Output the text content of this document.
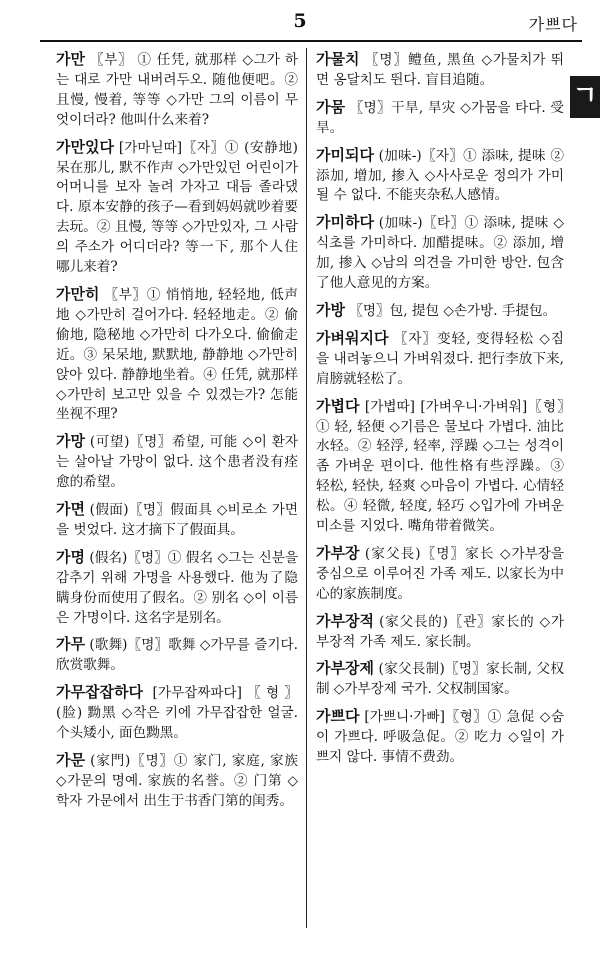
5	가쁘다
ㄱ

가만 〖부〗 ① 任凭, 就那样 ◇그가 하는 대로 가만 내버려두오. 随他便吧。② 且慢, 慢着, 等等 ◇가만 그의 이름이 무엇이더라? 他叫什么来着?

가만있다 [가마닏따]〖자〗① (安静地) 呆在那儿, 默不作声 ◇가만있던 어린이가 어머니를 보자 놀려 가자고 대듬 졸라댔다. 原本安静的孩子—看到妈妈就吵着要去玩。② 且慢, 等等 ◇가만있자, 그 사람의 주소가 어디더라? 等一下, 那个人住哪儿来着?

가만히 〖부〗① 悄悄地, 轻轻地, 低声地 ◇가만히 걸어가다. 轻轻地走。② 偷偷地, 隐秘地 ◇가만히 다가오다. 偷偷走近。③ 呆呆地, 默默地, 静静地 ◇가만히 앉아 있다. 静静地坐着。④ 任凭, 就那样 ◇가만히 보고만 있을 수 있겠는가? 怎能坐视不理?

가망 (可望)〖명〗希望, 可能 ◇이 환자는 살아날 가망이 없다. 这个患者没有痊愈的希望。

가면 (假面)〖명〗假面具 ◇비로소 가면을 벗었다. 这才摘下了假面具。

가명 (假名)〖명〗① 假名 ◇그는 신분을 감추기 위해 가명을 사용했다. 他为了隐瞒身份而使用了假名。② 别名 ◇이 이름은 가명이다. 这名字是别名。

가무 (歌舞)〖명〗歌舞 ◇가무를 즐기다. 欣赏歌舞。

가무잡잡하다 [가무잡짜파다]〖형〗(脸) 黝黑 ◇작은 키에 가무잡잡한 얼굴. 个头矮小, 面色黝黑。

가문 (家門)〖명〗① 家门, 家庭, 家族 ◇가문의 명예. 家族的名誉。② 门第 ◇학자 가문에서 出生于书香门第的闺秀。

가물치 〖명〗鳢鱼, 黑鱼 ◇가물치가 뛰면 옹달치도 뛴다. 盲目追随。

가뭄 〖명〗干旱, 旱灾 ◇가뭄을 타다. 受旱。

가미되다 (加味-)〖자〗① 添味, 提味 ② 添加, 增加, 掺入 ◇사사로운 정의가 가미될 수 없다. 不能夹杂私人感情。

가미하다 (加味-)〖타〗① 添味, 提味 ◇식초를 가미하다. 加醋提味。② 添加, 增加, 掺入 ◇남의 의견을 가미한 방안. 包含了他人意见的方案。

가방 〖명〗包, 提包 ◇손가방. 手提包。

가벼워지다 〖자〗变轻, 变得轻松 ◇짐을 내려놓으니 가벼워졌다. 把行李放下来, 肩膀就轻松了。

가볍다 [가볍따] [가벼우니·가벼워]〖형〗① 轻, 轻便 ◇기름은 물보다 가볍다. 油比水轻。② 轻浮, 轻率, 浮躁 ◇그는 성격이 좀 가벼운 편이다. 他性格有些浮躁。③ 轻松, 轻快, 轻爽 ◇마음이 가볍다. 心情轻松。④ 轻微, 轻度, 轻巧 ◇입가에 가벼운 미소를 지었다. 嘴角带着微笑。

가부장 (家父長)〖명〗家长 ◇가부장을 중심으로 이루어진 가족 제도. 以家长为中心的家族制度。

가부장적 (家父長的)〖관〗家长的 ◇가부장적 가족 제도. 家长制。

가부장제 (家父長制)〖명〗家长制, 父权制 ◇가부장제 국가. 父权制国家。

가쁘다 [가쁘니·가빠]〖형〗① 急促 ◇숨이 가쁘다. 呼吸急促。② 吃力 ◇일이 가쁘지 않다. 事情不费劲。
